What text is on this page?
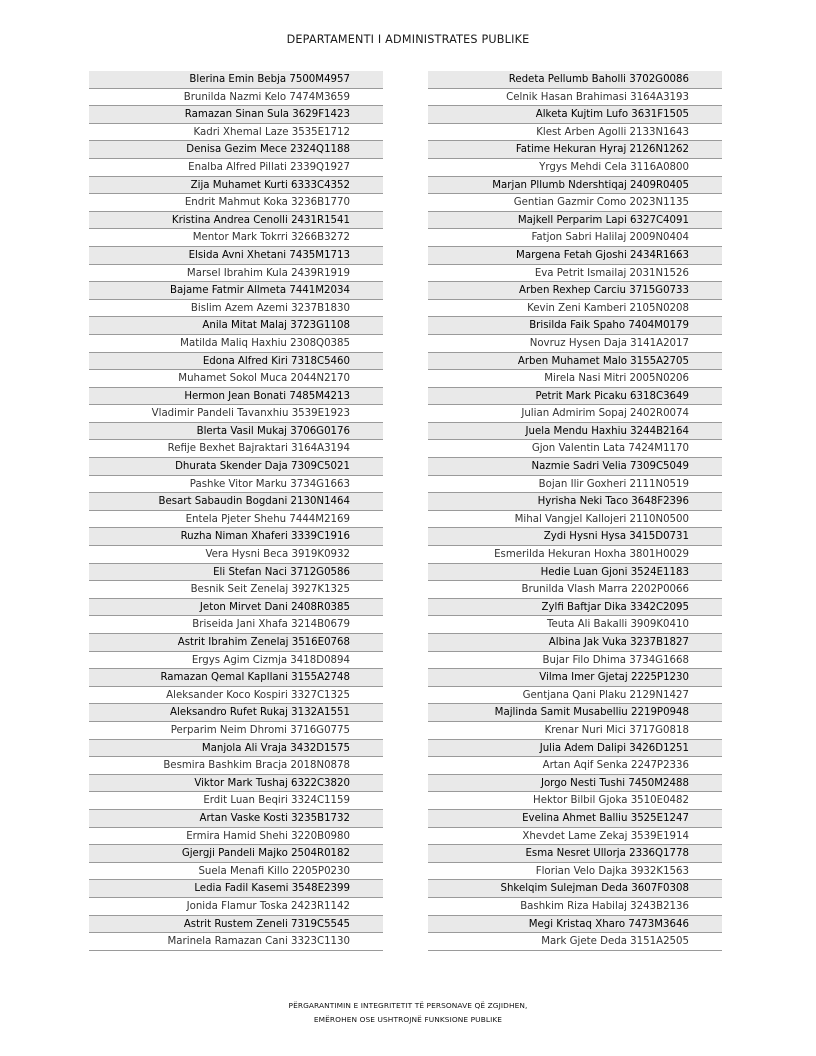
DEPARTAMENTI I ADMINISTRATES PUBLIKE
Blerina Emin Bebja 7500M4957
Brunilda Nazmi Kelo 7474M3659
Ramazan Sinan Sula 3629F1423
Kadri Xhemal Laze 3535E1712
Denisa Gezim Mece 2324Q1188
Enalba Alfred Pillati 2339Q1927
Zija Muhamet Kurti 6333C4352
Endrit Mahmut Koka 3236B1770
Kristina Andrea Cenolli 2431R1541
Mentor Mark Tokrri 3266B3272
Elsida Avni Xhetani 7435M1713
Marsel Ibrahim Kula 2439R1919
Bajame Fatmir Allmeta 7441M2034
Bislim Azem Azemi 3237B1830
Anila Mitat Malaj 3723G1108
Matilda Maliq Haxhiu 2308Q0385
Edona Alfred Kiri 7318C5460
Muhamet Sokol Muca 2044N2170
Hermon Jean Bonati 7485M4213
Vladimir Pandeli Tavanxhiu 3539E1923
Blerta Vasil Mukaj 3706G0176
Refije Bexhet Bajraktari 3164A3194
Dhurata Skender Daja 7309C5021
Pashke Vitor Marku 3734G1663
Besart Sabaudin Bogdani 2130N1464
Entela Pjeter Shehu 7444M2169
Ruzha Niman Xhaferi 3339C1916
Vera Hysni Beca 3919K0932
Eli Stefan Naci 3712G0586
Besnik Seit Zenelaj 3927K1325
Jeton Mirvet Dani 2408R0385
Briseida Jani Xhafa 3214B0679
Astrit Ibrahim Zenelaj 3516E0768
Ergys Agim Cizmja 3418D0894
Ramazan Qemal Kapllani 3155A2748
Aleksander Koco Kospiri 3327C1325
Aleksandro Rufet Rukaj 3132A1551
Perparim Neim Dhromi 3716G0775
Manjola Ali Vraja 3432D1575
Besmira Bashkim Bracja 2018N0878
Viktor Mark Tushaj 6322C3820
Erdit Luan Beqiri 3324C1159
Artan Vaske Kosti 3235B1732
Ermira Hamid Shehi 3220B0980
Gjergji Pandeli Majko 2504R0182
Suela Menafi Killo 2205P0230
Ledia Fadil Kasemi 3548E2399
Jonida Flamur Toska 2423R1142
Astrit Rustem Zeneli 7319C5545
Marinela Ramazan Cani 3323C1130
Redeta Pellumb Baholli 3702G0086
Celnik Hasan Brahimasi 3164A3193
Alketa Kujtim Lufo 3631F1505
Klest Arben Agolli 2133N1643
Fatime Hekuran Hyraj 2126N1262
Yrgys Mehdi Cela 3116A0800
Marjan Pllumb Ndershtiqaj 2409R0405
Gentian Gazmir Como 2023N1135
Majkell Perparim Lapi 6327C4091
Fatjon Sabri Halilaj 2009N0404
Margena Fetah Gjoshi 2434R1663
Eva Petrit Ismailaj 2031N1526
Arben Rexhep Carciu 3715G0733
Kevin Zeni Kamberi 2105N0208
Brisilda Faik Spaho 7404M0179
Novruz Hysen Daja 3141A2017
Arben Muhamet Malo 3155A2705
Mirela Nasi Mitri 2005N0206
Petrit Mark Picaku 6318C3649
Julian Admirim Sopaj 2402R0074
Juela Mendu Haxhiu 3244B2164
Gjon Valentin Lata 7424M1170
Nazmie Sadri Velia 7309C5049
Bojan Ilir Goxheri 2111N0519
Hyrisha Neki Taco 3648F2396
Mihal Vangjel Kallojeri 2110N0500
Zydi Hysni Hysa 3415D0731
Esmerilda Hekuran Hoxha 3801H0029
Hedie Luan Gjoni 3524E1183
Brunilda Vlash Marra 2202P0066
Zylfi Baftjar Dika 3342C2095
Teuta Ali Bakalli 3909K0410
Albina Jak Vuka 3237B1827
Bujar Filo Dhima 3734G1668
Vilma Imer Gjetaj 2225P1230
Gentjana Qani Plaku 2129N1427
Majlinda Samit Musabelliu 2219P0948
Krenar Nuri Mici 3717G0818
Julia Adem Dalipi 3426D1251
Artan Aqif Senka 2247P2336
Jorgo Nesti Tushi 7450M2488
Hektor Bilbil Gjoka 3510E0482
Evelina Ahmet Balliu 3525E1247
Xhevdet Lame Zekaj 3539E1914
Esma Nesret Ullorja 2336Q1778
Florian Velo Dajka 3932K1563
Shkelqim Sulejman Deda 3607F0308
Bashkim Riza Habilaj 3243B2136
Megi Kristaq Xharo 7473M3646
Mark Gjete Deda 3151A2505
PËRGARANTIMIN E INTEGRITETIT TË PERSONAVE QË ZGJIDHEN,
EMËROHEN OSE USHTROJNË FUNKSIONE PUBLIKE
